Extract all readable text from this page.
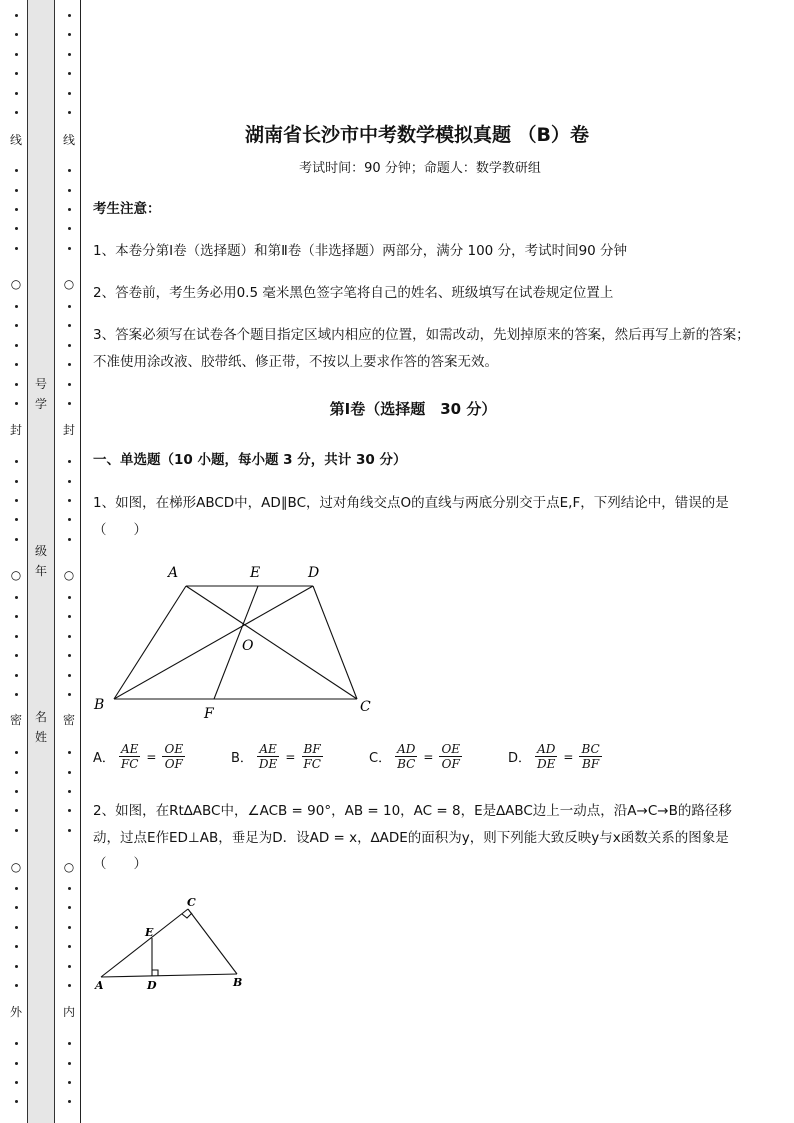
线
封
密
外
○
○
○
线
封
密
内
○
○
○
号
学
级
年
名
姓
湖南省长沙市中考数学模拟真题 （B）卷
考试时间：90 分钟；命题人：数学教研组
考生注意：
1、本卷分第Ⅰ卷（选择题）和第Ⅱ卷（非选择题）两部分，满分 100 分，考试时间90 分钟
2、答卷前，考生务必用0.5 毫米黑色签字笔将自己的姓名、班级填写在试卷规定位置上
3、答案必须写在试卷各个题目指定区域内相应的位置，如需改动，先划掉原来的答案，然后再写上新的答案；不准使用涂改液、胶带纸、修正带，不按以上要求作答的答案无效。
第Ⅰ卷（选择题　30 分）
一、单选题（10 小题，每小题 3 分，共计 30 分）
1、如图，在梯形ABCD中，AD∥BC，过对角线交点O的直线与两底分别交于点E,F，下列结论中，错误的是（　　）
A	E	D
O
B
F	C
A． $\frac{AE}{FC} = \frac{OE}{OF}$	B． $\frac{AE}{DE} = \frac{BF}{FC}$	C． $\frac{AD}{BC} = \frac{OE}{OF}$	D． $\frac{AD}{DE} = \frac{BC}{BF}$
2、如图，在Rt∆ABC中，∠ACB = 90°，AB = 10，AC = 8，E是∆ABC边上一动点，沿A→C→B的路径移动，过点E作ED⊥AB，垂足为D．设AD = x，∆ADE的面积为y，则下列能大致反映y与x函数关系的图象是（　　）
C
E
A	D	B
